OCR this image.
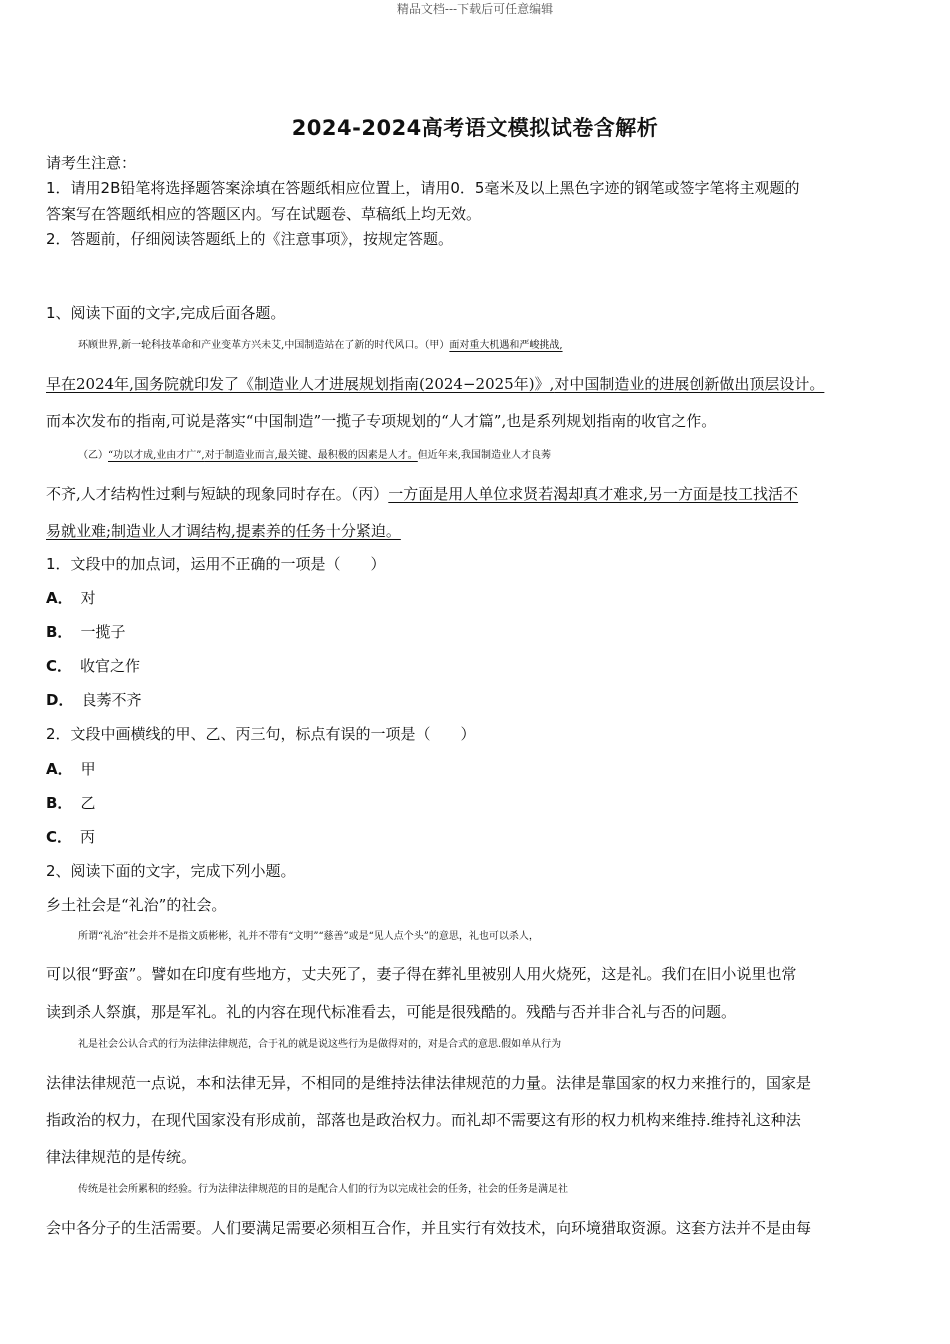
精品文档---下载后可任意编辑
2024-2024高考语文模拟试卷含解析
请考生注意：
1．请用2B铅笔将选择题答案涂填在答题纸相应位置上，请用0．5毫米及以上黑色字迹的钢笔或签字笔将主观题的
答案写在答题纸相应的答题区内。写在试题卷、草稿纸上均无效。
2．答题前，仔细阅读答题纸上的《注意事项》，按规定答题。
1、阅读下面的文字,完成后面各题。
环顾世界,新一轮科技革命和产业变革方兴未艾,中国制造站在了新的时代风口。（甲）面对重大机遇和严峻挑战,
早在2024年,国务院就印发了《制造业人才进展规划指南(2024−2025年)》,对中国制造业的进展创新做出顶层设计。
而本次发布的指南,可说是落实“中国制造”一揽子专项规划的“人才篇”,也是系列规划指南的收官之作。
（乙）“功以才成,业由才广”,对于制造业而言,最关键、最积极的因素是人才。但近年来,我国制造业人才良莠
不齐,人才结构性过剩与短缺的现象同时存在。（丙）一方面是用人单位求贤若渴却真才难求,另一方面是技工找活不
易就业难;制造业人才调结构,提素养的任务十分紧迫。
1．文段中的加点词，运用不正确的一项是（　　）
A． 对
B． 一揽子
C． 收官之作
D． 良莠不齐
2．文段中画横线的甲、乙、丙三句，标点有误的一项是（　　）
A． 甲
B． 乙
C． 丙
2、阅读下面的文字，完成下列小题。
乡土社会是“礼治”的社会。
所谓“礼治”社会并不是指文质彬彬，礼并不带有“文明”“慈善”或是“见人点个头”的意思，礼也可以杀人，
可以很“野蛮”。譬如在印度有些地方，丈夫死了，妻子得在葬礼里被别人用火烧死，这是礼。我们在旧小说里也常
读到杀人祭旗，那是军礼。礼的内容在现代标准看去，可能是很残酷的。残酷与否并非合礼与否的问题。
礼是社会公认合式的行为法律法律规范，合于礼的就是说这些行为是做得对的，对是合式的意思.假如单从行为
法律法律规范一点说，本和法律无异，不相同的是维持法律法律规范的力量。法律是靠国家的权力来推行的，国家是
指政治的权力，在现代国家没有形成前，部落也是政治权力。而礼却不需要这有形的权力机构来维持.维持礼这种法
律法律规范的是传统。
传统是社会所累积的经验。行为法律法律规范的目的是配合人们的行为以完成社会的任务，社会的任务是满足社
会中各分子的生活需要。人们要满足需要必须相互合作，并且实行有效技术，向环境猎取资源。这套方法并不是由每
